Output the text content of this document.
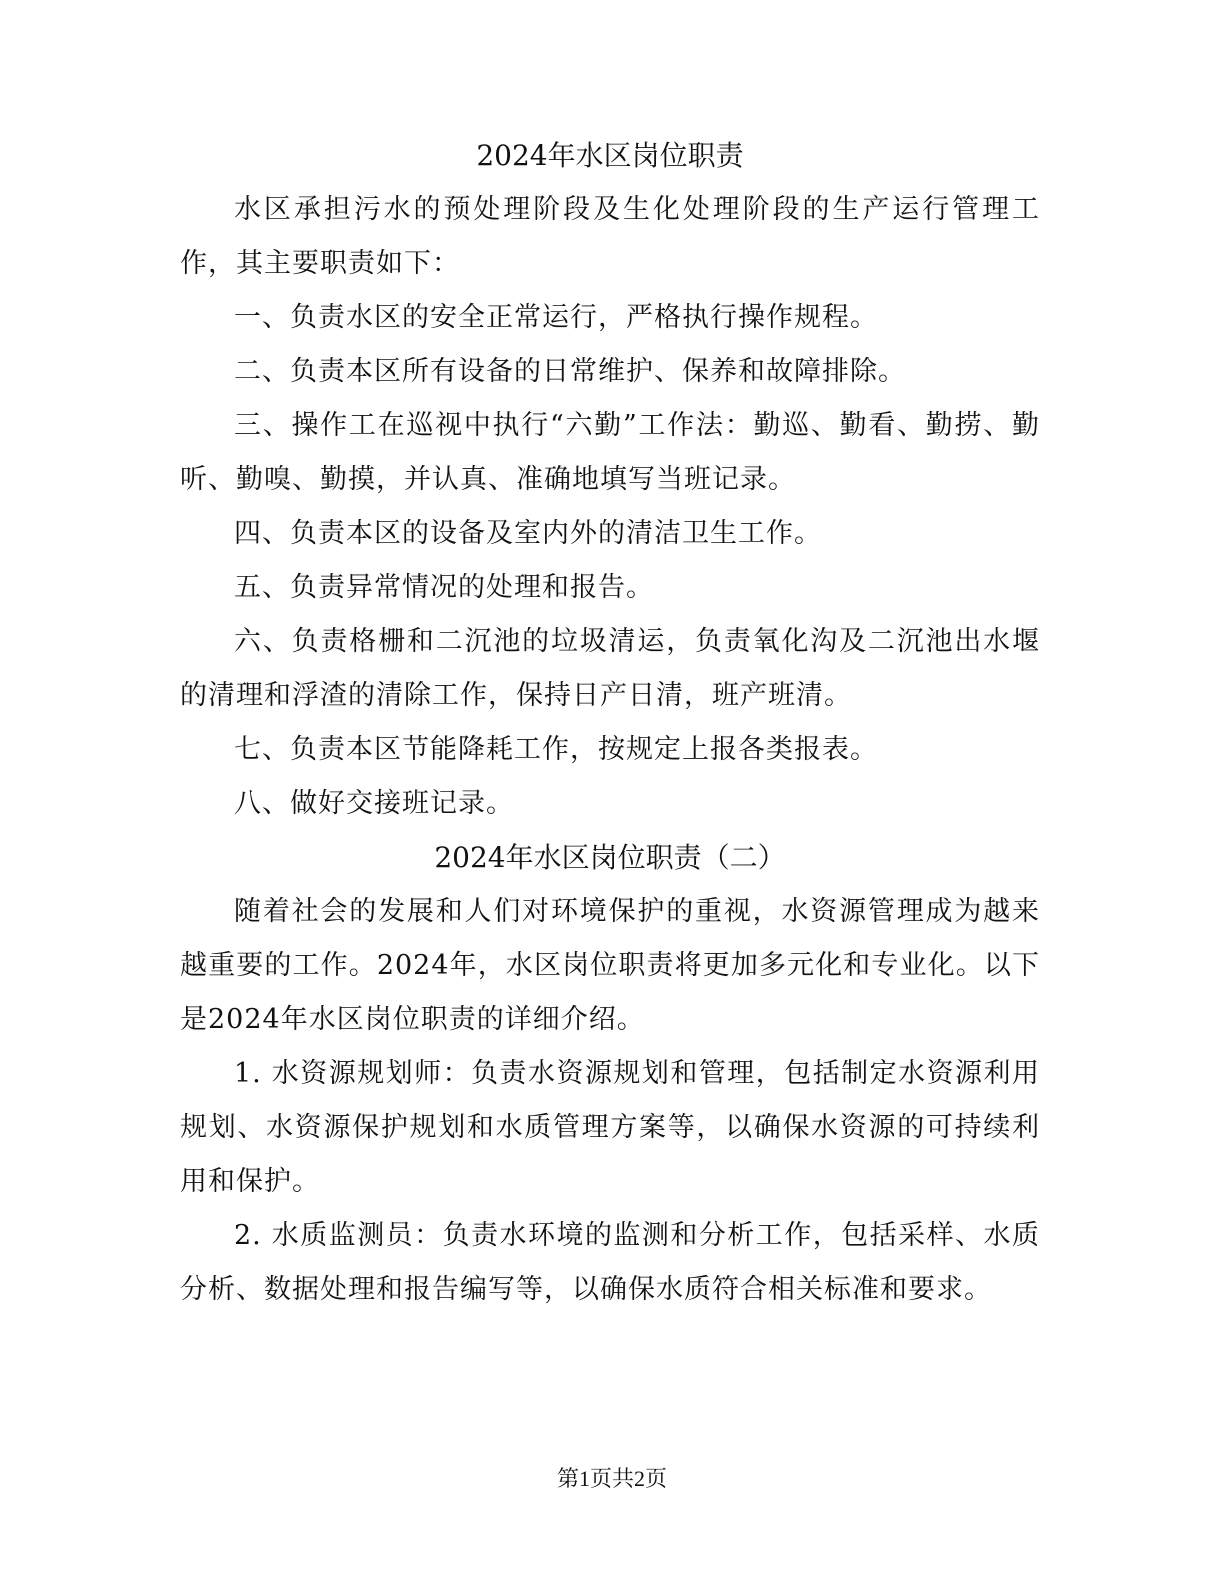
2024年水区岗位职责

水区承担污水的预处理阶段及生化处理阶段的生产运行管理工作，其主要职责如下：

一、负责水区的安全正常运行，严格执行操作规程。

二、负责本区所有设备的日常维护、保养和故障排除。

三、操作工在巡视中执行“六勤”工作法：勤巡、勤看、勤捞、勤听、勤嗅、勤摸，并认真、准确地填写当班记录。

四、负责本区的设备及室内外的清洁卫生工作。

五、负责异常情况的处理和报告。

六、负责格栅和二沉池的垃圾清运，负责氧化沟及二沉池出水堰的清理和浮渣的清除工作，保持日产日清，班产班清。

七、负责本区节能降耗工作，按规定上报各类报表。

八、做好交接班记录。

2024年水区岗位职责（二）

随着社会的发展和人们对环境保护的重视，水资源管理成为越来越重要的工作。2024年，水区岗位职责将更加多元化和专业化。以下是2024年水区岗位职责的详细介绍。

1. 水资源规划师：负责水资源规划和管理，包括制定水资源利用规划、水资源保护规划和水质管理方案等，以确保水资源的可持续利用和保护。

2. 水质监测员：负责水环境的监测和分析工作，包括采样、水质分析、数据处理和报告编写等，以确保水质符合相关标准和要求。

第1页共2页
